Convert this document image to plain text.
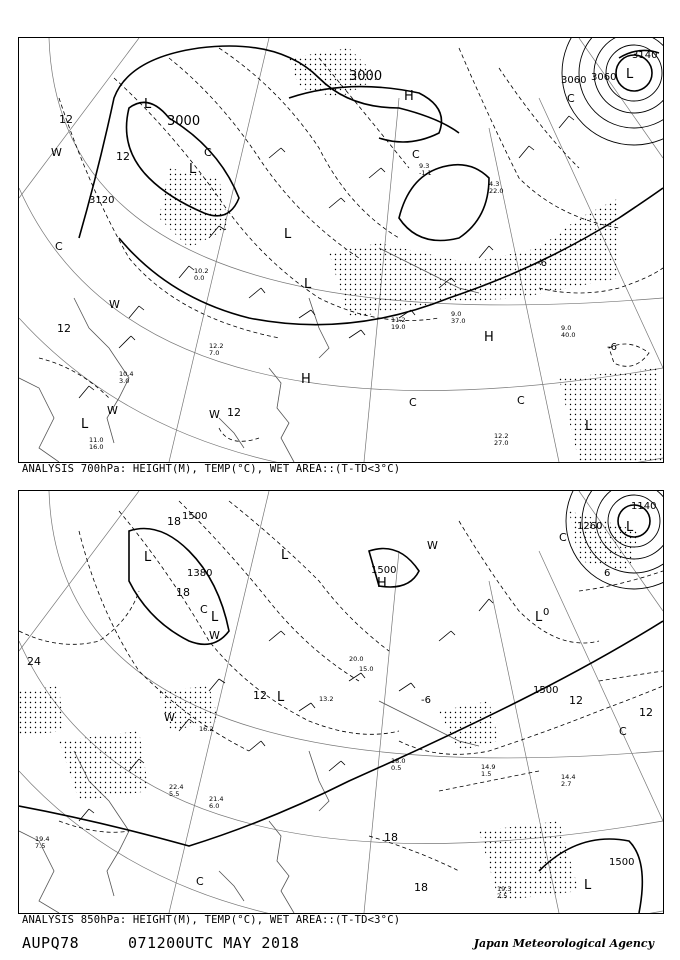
3000
3000
3120
3060 3060
3140
L
L
L
H
H
H
L	L
L
L
12
12
12
12
-6
-6
W
W
W	W
C
C
C	C
C
C
10.2
0.0
9.0
37.0
11.2
19.0
12.2
27.0
9.0
40.0
11.0
16.0
12.2
7.0
10.4
3.0
4.3
22.0
9.3
-1.1
ANALYSIS 700hPa: HEIGHT(M), TEMP(°C), WET AREA::(T-TD<3°C)
1500
1380	1500
1500
1500
1140
1260
L
L
L
H
L
L
L
L
18
18
18
18
24
12	12
12
6
0
-6
W
W
W
C
C
C
C
14.9
1.5
18.0
0.5
14.4
2.7
19.3
2.5
21.4
6.0
22.4
5.5
19.4
7.5
16.2
20.0
15.0
13.2
ANALYSIS 850hPa: HEIGHT(M), TEMP(°C), WET AREA::(T-TD<3°C)
AUPQ78	071200UTC MAY 2018	Japan Meteorological Agency
